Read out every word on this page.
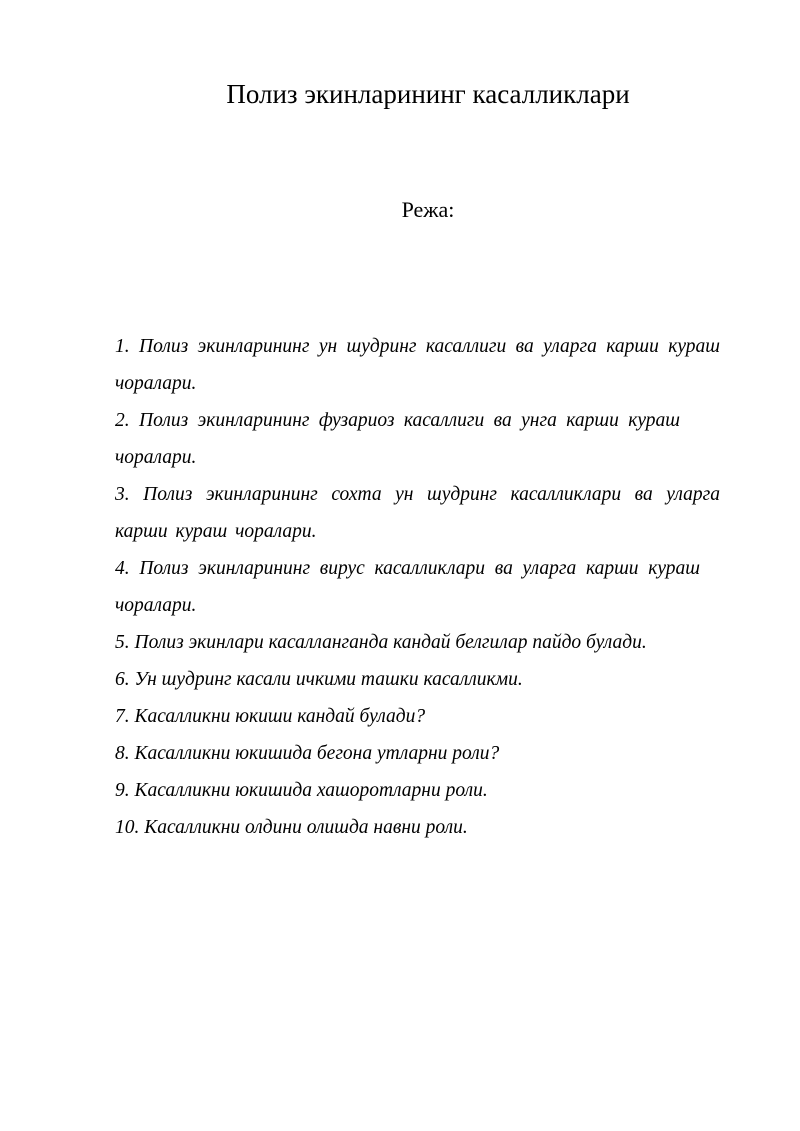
Полиз экинларининг касалликлари
Режа:
1. Полиз экинларининг ун шудринг касаллиги ва уларга карши кураш чоралари.
2. Полиз экинларининг фузариоз касаллиги ва унга карши кураш чоралари.
3. Полиз экинларининг сохта ун шудринг касалликлари ва уларга карши кураш чоралари.
4. Полиз экинларининг вирус касалликлари ва уларга карши кураш чоралари.
5. Полиз экинлари касалланганда кандай белгилар пайдо булади.
6. Ун шудринг касали ичкими ташки касалликми.
7. Касалликни юкиши кандай булади?
8. Касалликни юкишида бегона утларни роли?
9. Касалликни юкишида хашоротларни роли.
10. Касалликни олдини олишда навни роли.
